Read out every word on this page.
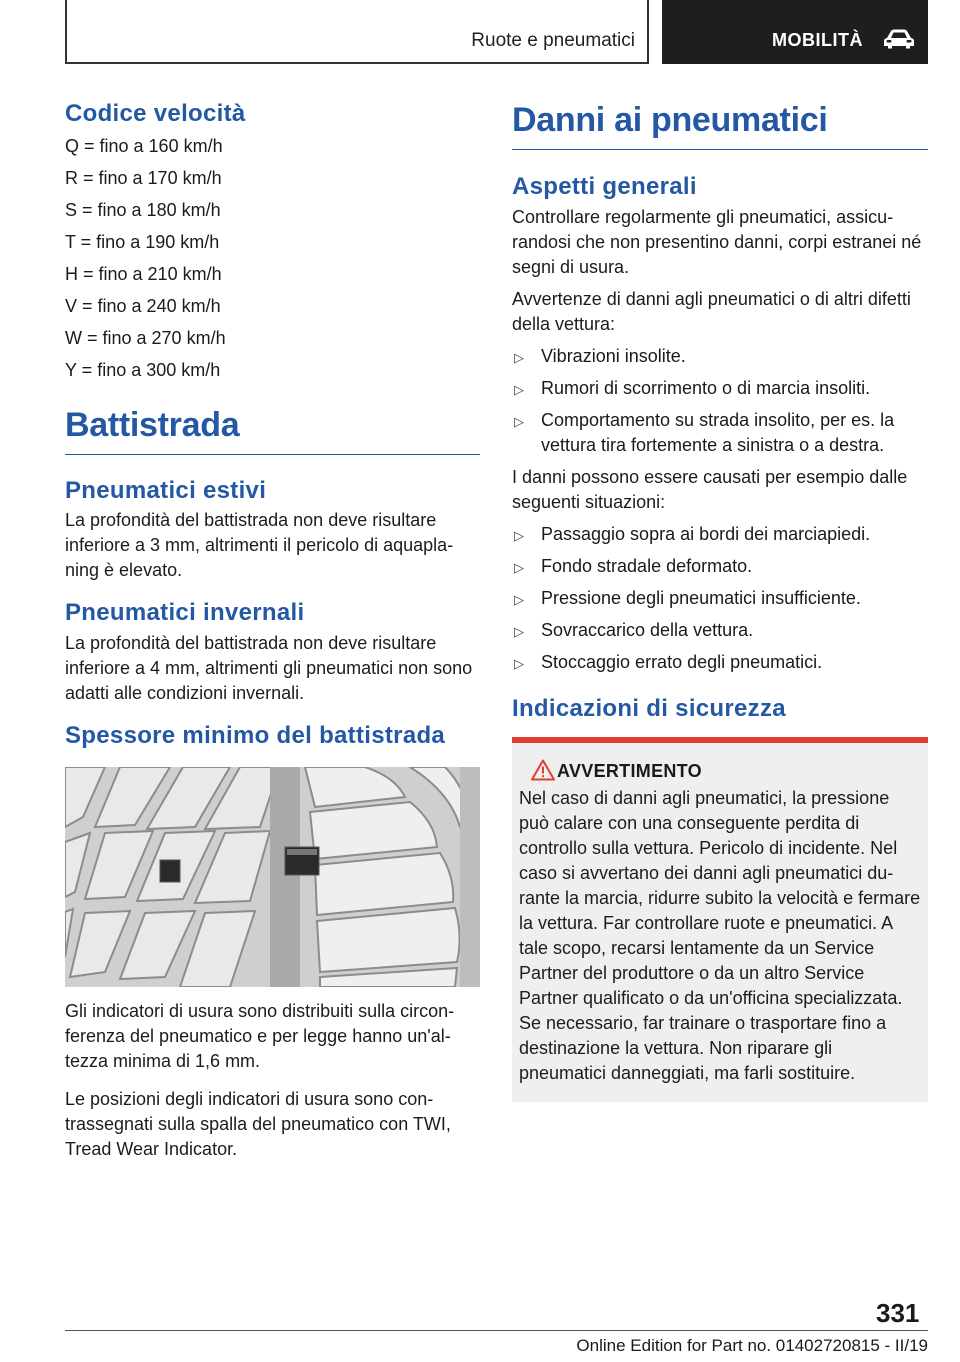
Ruote e pneumatici	MOBILITÀ
Codice velocità
Q = fino a 160 km/h
R = fino a 170 km/h
S = fino a 180 km/h
T = fino a 190 km/h
H = fino a 210 km/h
V = fino a 240 km/h
W = fino a 270 km/h
Y = fino a 300 km/h
Battistrada
Pneumatici estivi
La profondità del battistrada non deve risultare inferiore a 3 mm, altrimenti il pericolo di aquaplaning è elevato.
Pneumatici invernali
La profondità del battistrada non deve risultare inferiore a 4 mm, altrimenti gli pneumatici non sono adatti alle condizioni invernali.
Spessore minimo del battistrada
Gli indicatori di usura sono distribuiti sulla circonferenza del pneumatico e per legge hanno un'altezza minima di 1,6 mm.
Le posizioni degli indicatori di usura sono contrassegnati sulla spalla del pneumatico con TWI, Tread Wear Indicator.
Danni ai pneumatici
Aspetti generali
Controllare regolarmente gli pneumatici, assicurandosi che non presentino danni, corpi estranei né segni di usura.
Avvertenze di danni agli pneumatici o di altri difetti della vettura:
▷ Vibrazioni insolite.
▷ Rumori di scorrimento o di marcia insoliti.
▷ Comportamento su strada insolito, per es. la vettura tira fortemente a sinistra o a destra.
I danni possono essere causati per esempio dalle seguenti situazioni:
▷ Passaggio sopra ai bordi dei marciapiedi.
▷ Fondo stradale deformato.
▷ Pressione degli pneumatici insufficiente.
▷ Sovraccarico della vettura.
▷ Stoccaggio errato degli pneumatici.
Indicazioni di sicurezza
AVVERTIMENTO
Nel caso di danni agli pneumatici, la pressione può calare con una conseguente perdita di controllo sulla vettura. Pericolo di incidente. Nel caso si avvertano dei danni agli pneumatici durante la marcia, ridurre subito la velocità e fermare la vettura. Far controllare ruote e pneumatici. A tale scopo, recarsi lentamente da un Service Partner del produttore o da un altro Service Partner qualificato o da un'officina specializzata. Se necessario, far trainare o trasportare fino a destinazione la vettura. Non riparare gli pneumatici danneggiati, ma farli sostituire.
331
Online Edition for Part no. 01402720815 - II/19
